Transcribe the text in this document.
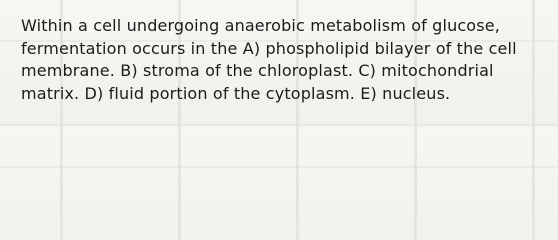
Within a cell undergoing anaerobic metabolism of glucose, fermentation occurs in the A) phospholipid bilayer of the cell membrane. B) stroma of the chloroplast. C) mitochondrial matrix. D) fluid portion of the cytoplasm. E) nucleus.
